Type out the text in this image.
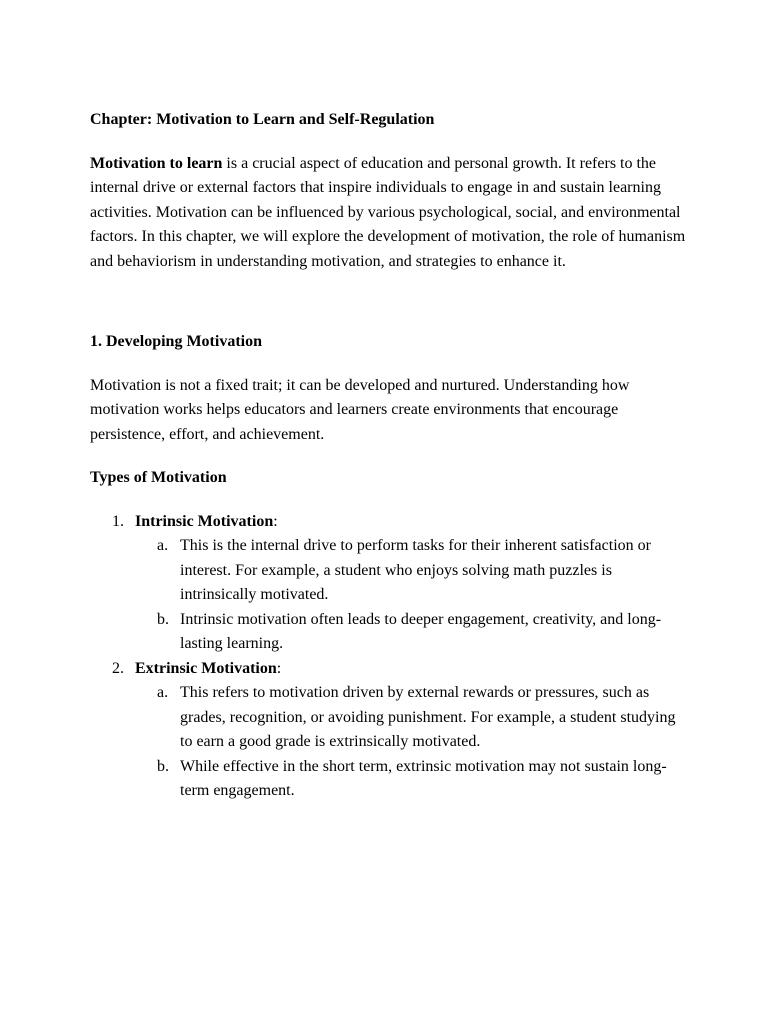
Chapter: Motivation to Learn and Self-Regulation

Motivation to learn is a crucial aspect of education and personal growth. It refers to the internal drive or external factors that inspire individuals to engage in and sustain learning activities. Motivation can be influenced by various psychological, social, and environmental factors. In this chapter, we will explore the development of motivation, the role of humanism and behaviorism in understanding motivation, and strategies to enhance it.

1. Developing Motivation

Motivation is not a fixed trait; it can be developed and nurtured. Understanding how motivation works helps educators and learners create environments that encourage persistence, effort, and achievement.

Types of Motivation

1. Intrinsic Motivation:
a. This is the internal drive to perform tasks for their inherent satisfaction or interest. For example, a student who enjoys solving math puzzles is intrinsically motivated.
b. Intrinsic motivation often leads to deeper engagement, creativity, and long-lasting learning.
2. Extrinsic Motivation:
a. This refers to motivation driven by external rewards or pressures, such as grades, recognition, or avoiding punishment. For example, a student studying to earn a good grade is extrinsically motivated.
b. While effective in the short term, extrinsic motivation may not sustain long-term engagement.
